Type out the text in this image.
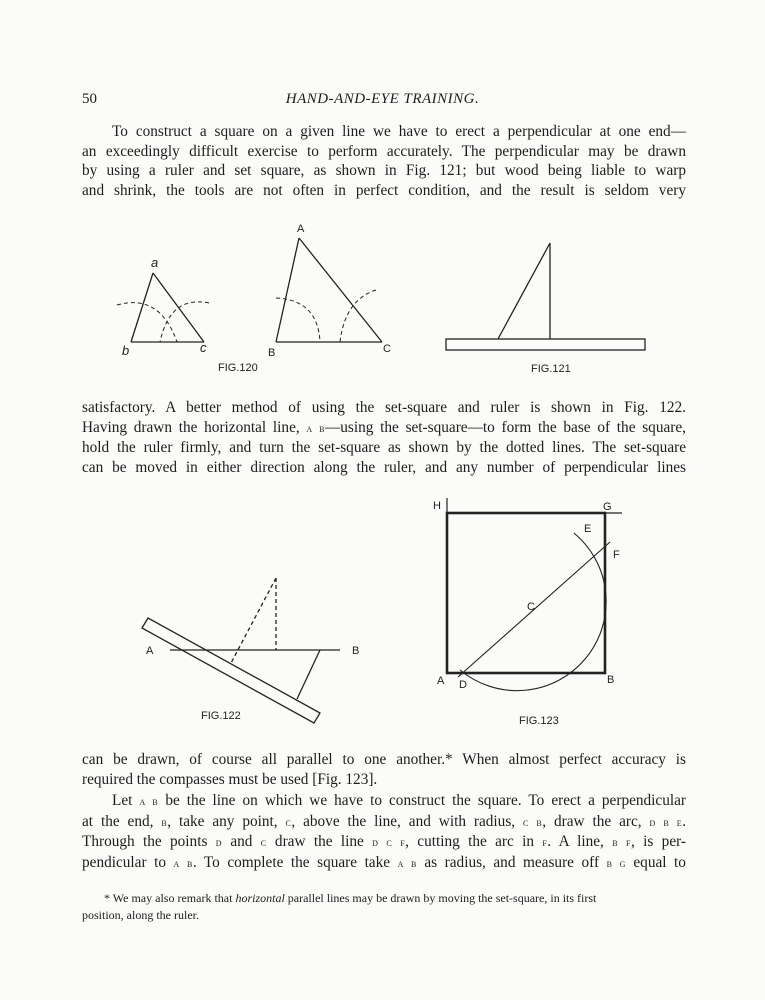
50	HAND-AND-EYE TRAINING.
To construct a square on a given line we have to erect a perpendicular at one end—
an exceedingly difficult exercise to perform accurately. The perpendicular may be drawn
by using a ruler and set square, as shown in Fig. 121; but wood being liable to warp
and shrink, the tools are not often in perfect condition, and the result is seldom very
a
b	c
A
B	C
FIG.120	FIG.121
satisfactory. A better method of using the set-square and ruler is shown in Fig. 122.
Having drawn the horizontal line, a b—using the set-square—to form the base of the square,
hold the ruler firmly, and turn the set-square as shown by the dotted lines. The set-square
can be moved in either direction along the ruler, and any number of perpendicular lines
A	B
FIG.122
H	G
E
F
C
A D	B
FIG.123
can be drawn, of course all parallel to one another.* When almost perfect accuracy is
required the compasses must be used [Fig. 123].
Let a b be the line on which we have to construct the square. To erect a perpendicular
at the end, b, take any point, c, above the line, and with radius, c b, draw the arc, d b e.
Through the points d and c draw the line d c f, cutting the arc in f. A line, b f, is per-
pendicular to a b. To complete the square take a b as radius, and measure off b g equal to
* We may also remark that horizontal parallel lines may be drawn by moving the set-square, in its first
position, along the ruler.
